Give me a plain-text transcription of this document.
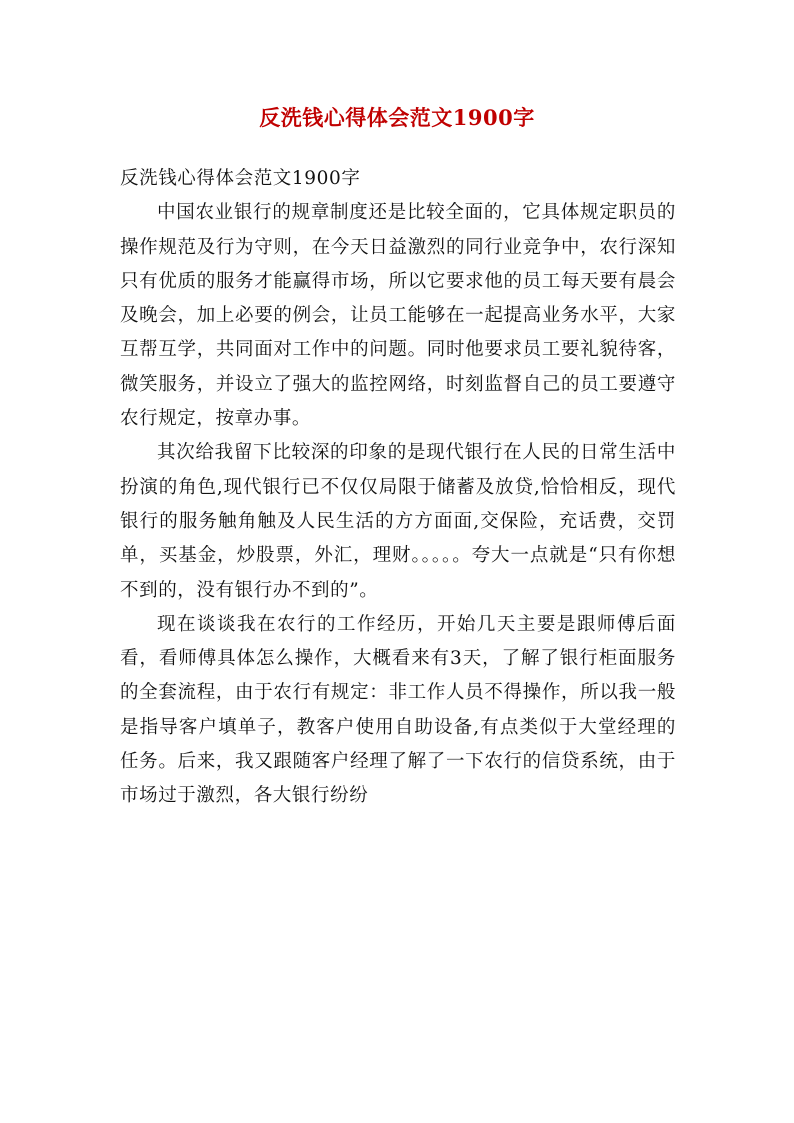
反洗钱心得体会范文1900字

反洗钱心得体会范文1900字

中国农业银行的规章制度还是比较全面的，它具体规定职员的操作规范及行为守则，在今天日益激烈的同行业竞争中，农行深知只有优质的服务才能赢得市场，所以它要求他的员工每天要有晨会及晚会，加上必要的例会，让员工能够在一起提高业务水平，大家互帮互学，共同面对工作中的问题。同时他要求员工要礼貌待客，微笑服务，并设立了强大的监控网络，时刻监督自己的员工要遵守农行规定，按章办事。

其次给我留下比较深的印象的是现代银行在人民的日常生活中扮演的角色,现代银行已不仅仅局限于储蓄及放贷,恰恰相反，现代银行的服务触角触及人民生活的方方面面,交保险，充话费，交罚单，买基金，炒股票，外汇，理财。。。。。夸大一点就是“只有你想不到的，没有银行办不到的”。

现在谈谈我在农行的工作经历，开始几天主要是跟师傅后面看，看师傅具体怎么操作，大概看来有3天，了解了银行柜面服务的全套流程，由于农行有规定：非工作人员不得操作，所以我一般是指导客户填单子，教客户使用自助设备,有点类似于大堂经理的任务。后来，我又跟随客户经理了解了一下农行的信贷系统，由于市场过于激烈，各大银行纷纷
